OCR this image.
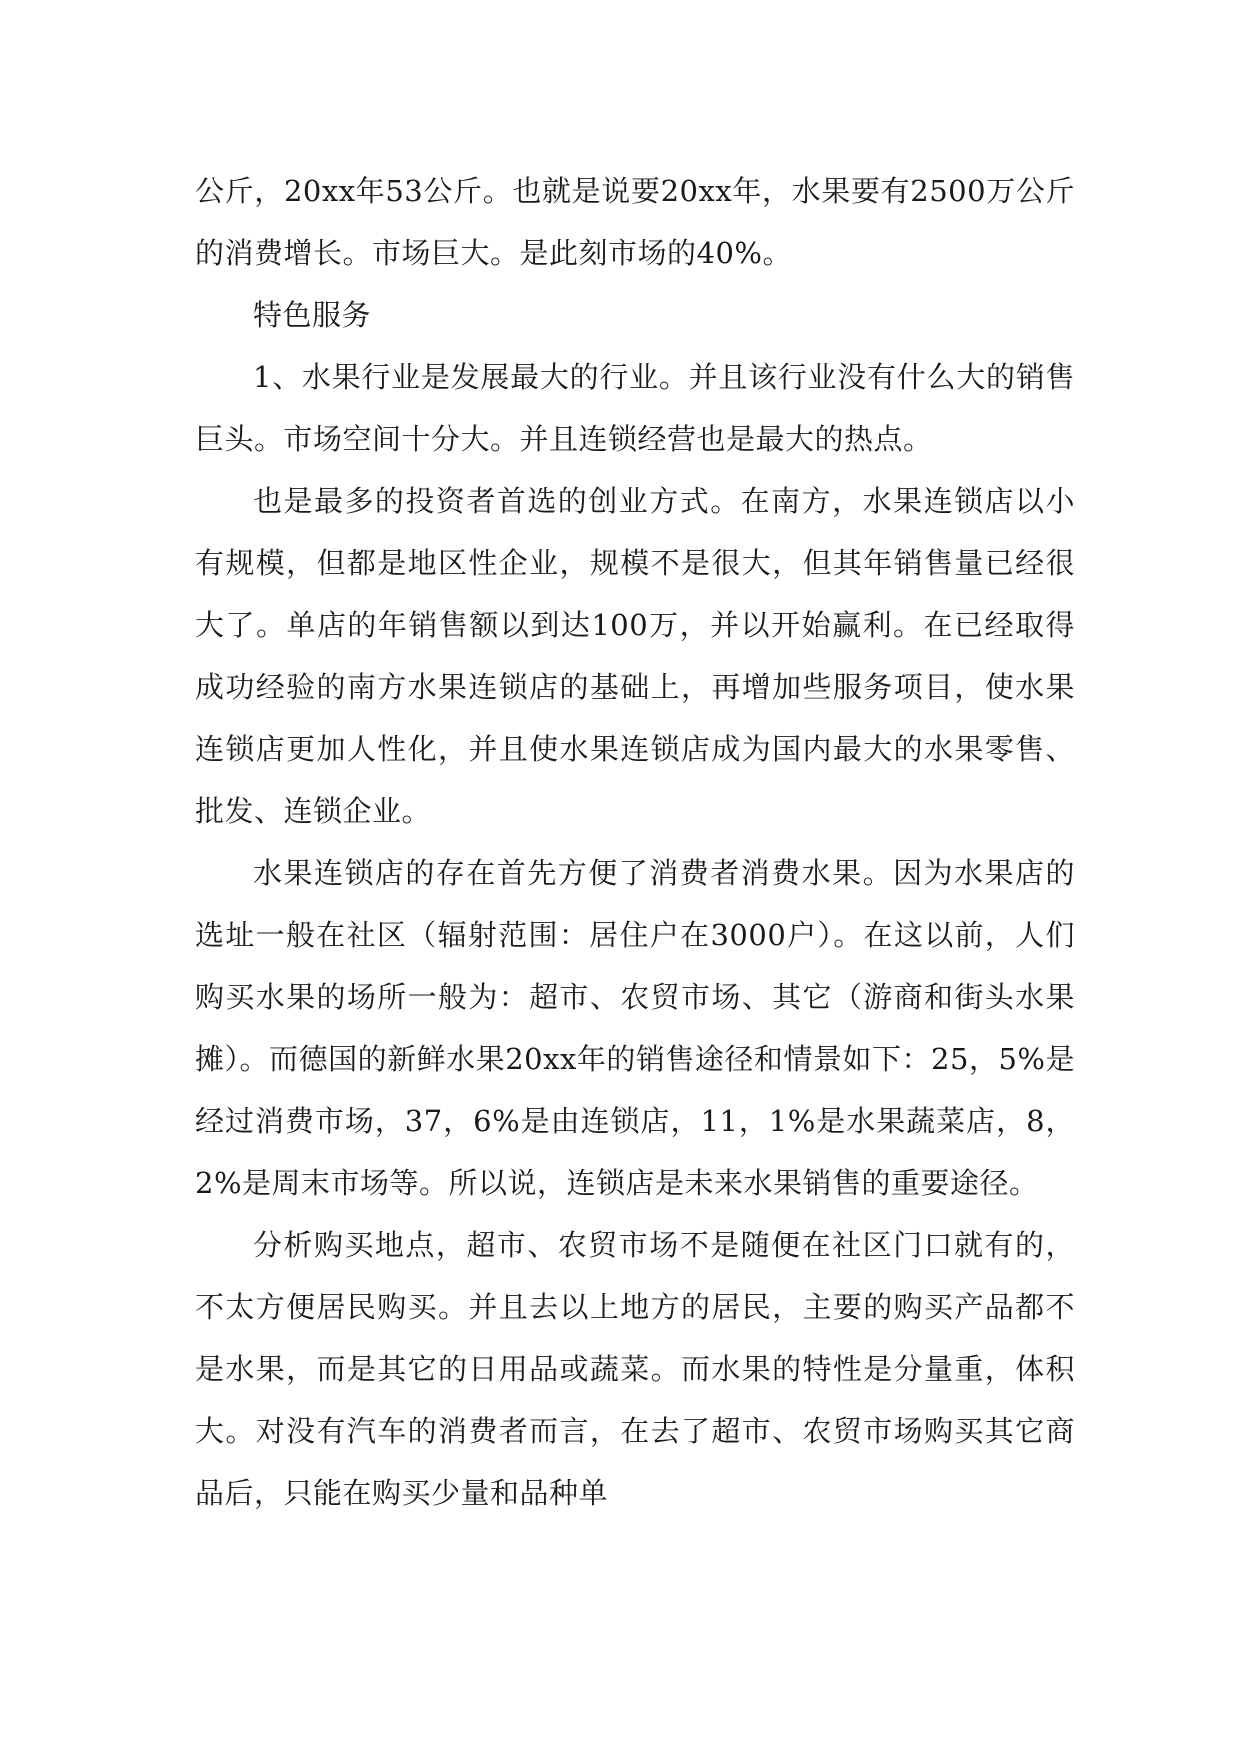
公斤，20xx年53公斤。也就是说要20xx年，水果要有2500万公斤的消费增长。市场巨大。是此刻市场的40%。

特色服务

1、水果行业是发展最大的行业。并且该行业没有什么大的销售巨头。市场空间十分大。并且连锁经营也是最大的热点。

也是最多的投资者首选的创业方式。在南方，水果连锁店以小有规模，但都是地区性企业，规模不是很大，但其年销售量已经很大了。单店的年销售额以到达100万，并以开始赢利。在已经取得成功经验的南方水果连锁店的基础上，再增加些服务项目，使水果连锁店更加人性化，并且使水果连锁店成为国内最大的水果零售、批发、连锁企业。

水果连锁店的存在首先方便了消费者消费水果。因为水果店的选址一般在社区（辐射范围：居住户在3000户）。在这以前，人们购买水果的场所一般为：超市、农贸市场、其它（游商和街头水果摊）。而德国的新鲜水果20xx年的销售途径和情景如下：25，5%是经过消费市场，37，6%是由连锁店，11，1%是水果蔬菜店，8，2%是周末市场等。所以说，连锁店是未来水果销售的重要途径。

分析购买地点，超市、农贸市场不是随便在社区门口就有的，不太方便居民购买。并且去以上地方的居民，主要的购买产品都不是水果，而是其它的日用品或蔬菜。而水果的特性是分量重，体积大。对没有汽车的消费者而言，在去了超市、农贸市场购买其它商品后，只能在购买少量和品种单
